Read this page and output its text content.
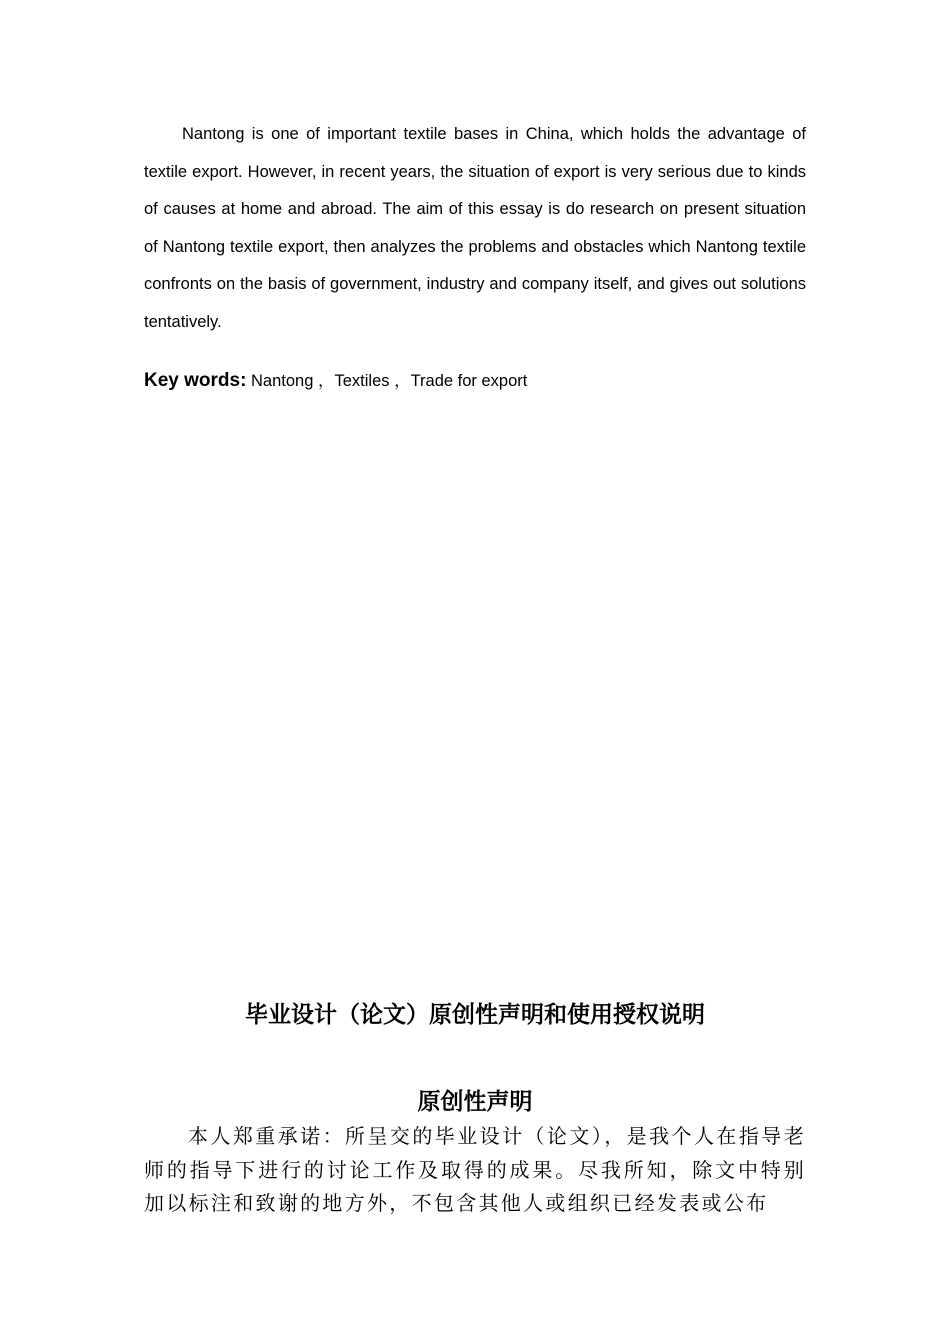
Nantong is one of important textile bases in China, which holds the advantage of textile export. However, in recent years, the situation of export is very serious due to kinds of causes at home and abroad. The aim of this essay is do research on present situation of Nantong textile export, then analyzes the problems and obstacles which Nantong textile confronts on the basis of government, industry and company itself, and gives out solutions tentatively.

Key words: Nantong ，Textiles ，Trade for export

毕业设计（论文）原创性声明和使用授权说明
原创性声明

本人郑重承诺：所呈交的毕业设计（论文），是我个人在指导老师的指导下进行的讨论工作及取得的成果。尽我所知，除文中特别加以标注和致谢的地方外，不包含其他人或组织已经发表或公布
